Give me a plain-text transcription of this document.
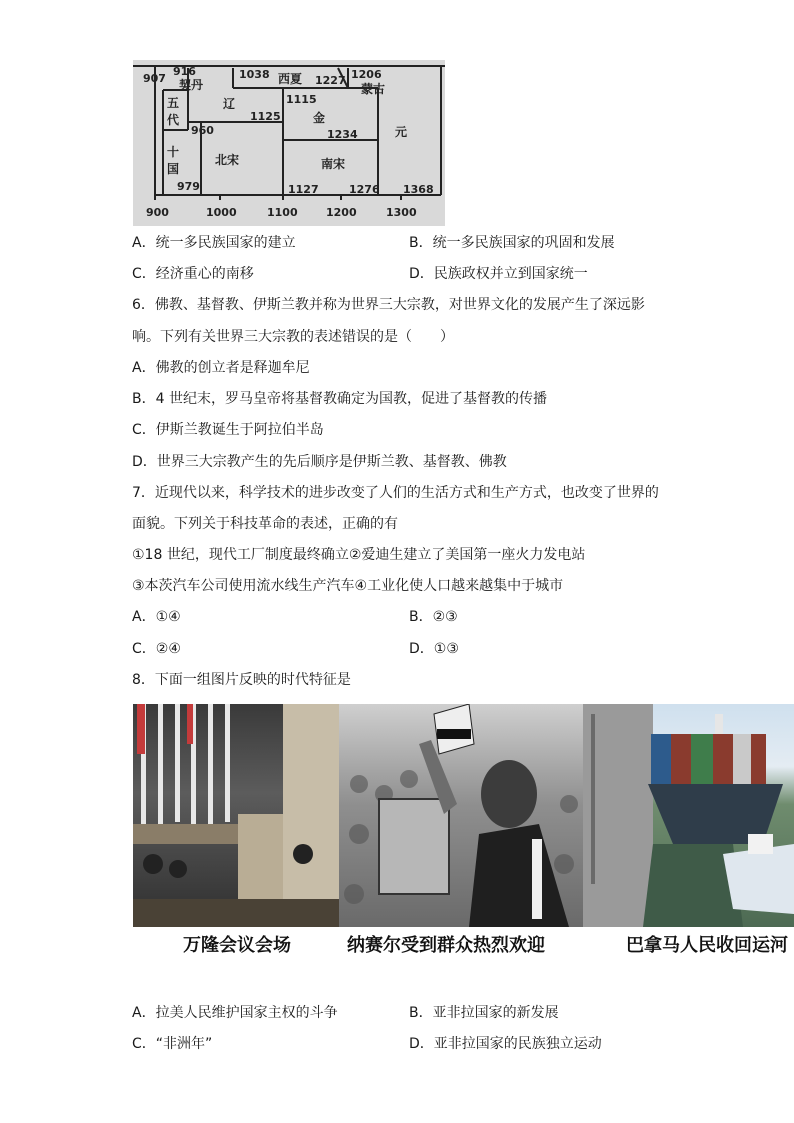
907
916	1038	1227 1206
1115
1125
1234
960
979	1127	1276 1368
契丹	西夏
蒙古
五
代
辽
金
元
十
国
北宋	南宋
900	1000	1100	1200	1300
A．统一多民族国家的建立	B．统一多民族国家的巩固和发展
C．经济重心的南移	D．民族政权并立到国家统一
6．佛教、基督教、伊斯兰教并称为世界三大宗教，对世界文化的发展产生了深远影
响。下列有关世界三大宗教的表述错误的是（　　）
A．佛教的创立者是释迦牟尼
B．4 世纪末，罗马皇帝将基督教确定为国教，促进了基督教的传播
C．伊斯兰教诞生于阿拉伯半岛
D．世界三大宗教产生的先后顺序是伊斯兰教、基督教、佛教
7．近现代以来，科学技术的进步改变了人们的生活方式和生产方式，也改变了世界的
面貌。下列关于科技革命的表述，正确的有
①18 世纪，现代工厂制度最终确立②爱迪生建立了美国第一座火力发电站
③本茨汽车公司使用流水线生产汽车④工业化使人口越来越集中于城市
A．①④	B．②③
C．②④	D．①③
8．下面一组图片反映的时代特征是
万隆会议会场	纳赛尔受到群众热烈欢迎	巴拿马人民收回运河
A．拉美人民维护国家主权的斗争	B．亚非拉国家的新发展
C．“非洲年”	D．亚非拉国家的民族独立运动
